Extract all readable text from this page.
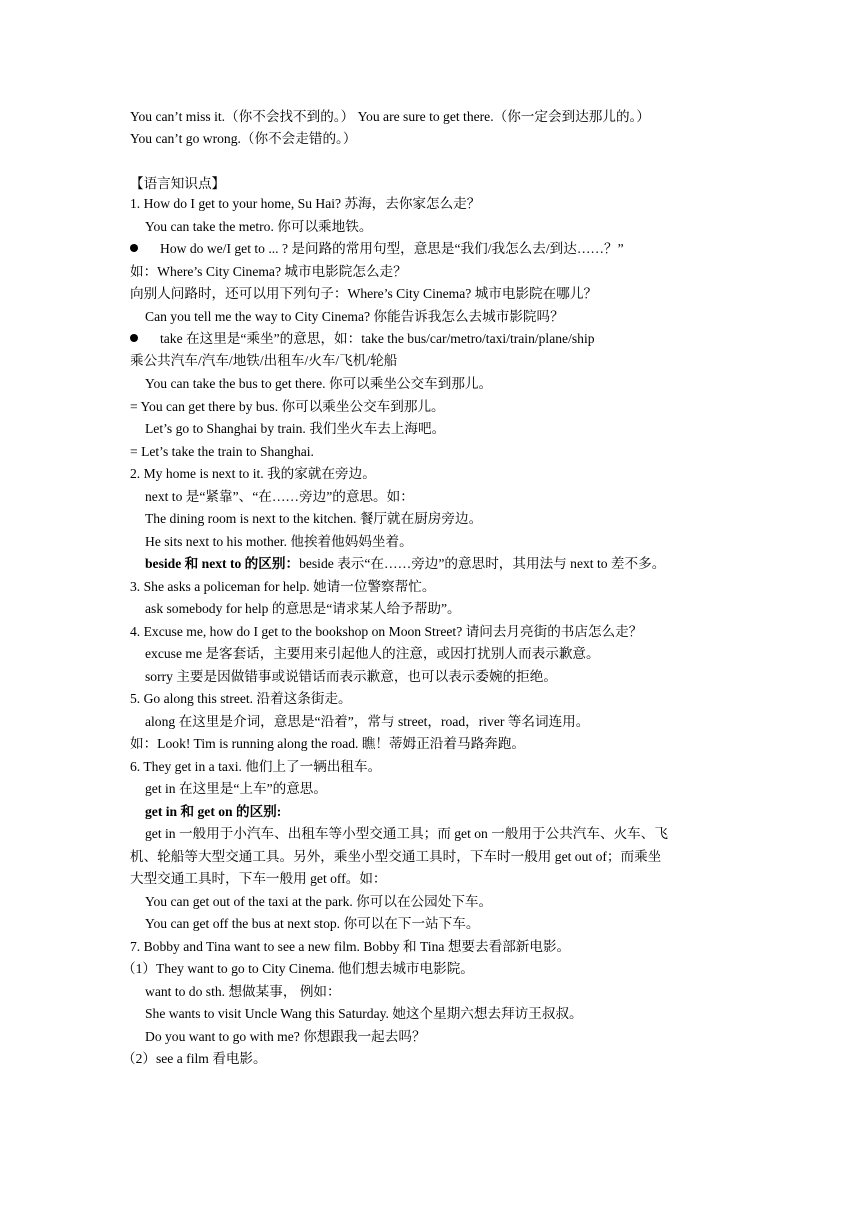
You can’t miss it.（你不会找不到的。） You are sure to get there.（你一定会到达那儿的。）
You can’t go wrong.（你不会走错的。）
【语言知识点】
1. How do I get to your home, Su Hai? 苏海，去你家怎么走？
You can take the metro. 你可以乘地铁。
How do we/I get to ... ? 是问路的常用句型，意思是“我们/我怎么去/到达……？”
如：Where’s City Cinema? 城市电影院怎么走？
向别人问路时，还可以用下列句子：Where’s City Cinema? 城市电影院在哪儿？
Can you tell me the way to City Cinema? 你能告诉我怎么去城市影院吗？
take 在这里是“乘坐”的意思，如：take the bus/car/metro/taxi/train/plane/ship
乘公共汽车/汽车/地铁/出租车/火车/飞机/轮船
You can take the bus to get there. 你可以乘坐公交车到那儿。
= You can get there by bus. 你可以乘坐公交车到那儿。
Let’s go to Shanghai by train. 我们坐火车去上海吧。
= Let’s take the train to Shanghai.
2. My home is next to it. 我的家就在旁边。
next to 是“紧靠”、“在……旁边”的意思。如：
The dining room is next to the kitchen. 餐厅就在厨房旁边。
He sits next to his mother. 他挨着他妈妈坐着。
beside 和 next to 的区别：beside 表示“在……旁边”的意思时，其用法与 next to 差不多。
3. She asks a policeman for help. 她请一位警察帮忙。
ask somebody for help 的意思是“请求某人给予帮助”。
4. Excuse me, how do I get to the bookshop on Moon Street? 请问去月亮街的书店怎么走？
excuse me 是客套话，主要用来引起他人的注意，或因打扰别人而表示歉意。
sorry 主要是因做错事或说错话而表示歉意，也可以表示委婉的拒绝。
5. Go along this street. 沿着这条街走。
along 在这里是介词，意思是“沿着”，常与 street，road，river 等名词连用。
如：Look! Tim is running along the road. 瞧！蒂姆正沿着马路奔跑。
6. They get in a taxi. 他们上了一辆出租车。
get in 在这里是“上车”的意思。
get in 和 get on 的区别:
get in 一般用于小汽车、出租车等小型交通工具；而 get on 一般用于公共汽车、火车、飞
机、轮船等大型交通工具。另外，乘坐小型交通工具时，下车时一般用 get out of；而乘坐
大型交通工具时，下车一般用 get off。如：
You can get out of the taxi at the park. 你可以在公园处下车。
You can get off the bus at next stop. 你可以在下一站下车。
7. Bobby and Tina want to see a new film. Bobby 和 Tina 想要去看部新电影。
（1）They want to go to City Cinema. 他们想去城市电影院。
want to do sth. 想做某事， 例如：
She wants to visit Uncle Wang this Saturday. 她这个星期六想去拜访王叔叔。
Do you want to go with me? 你想跟我一起去吗？
（2）see a film 看电影。
